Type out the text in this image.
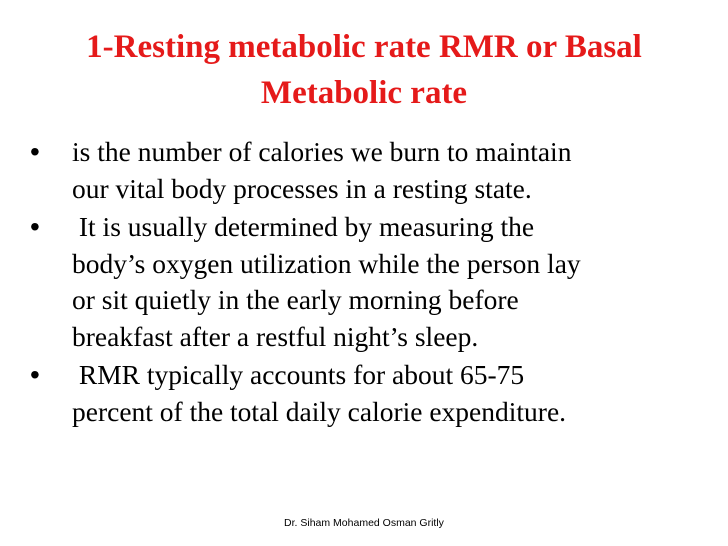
1-Resting metabolic rate RMR or Basal
Metabolic rate
•	is the number of calories we burn to maintain
our vital body processes in a resting state.
•	It is usually determined by measuring the
body’s oxygen utilization while the person lay
or sit quietly in the early morning before
breakfast after a restful night’s sleep.
•	RMR typically accounts for about 65-75
percent of the total daily calorie expenditure.
Dr. Siham Mohamed Osman Gritly
